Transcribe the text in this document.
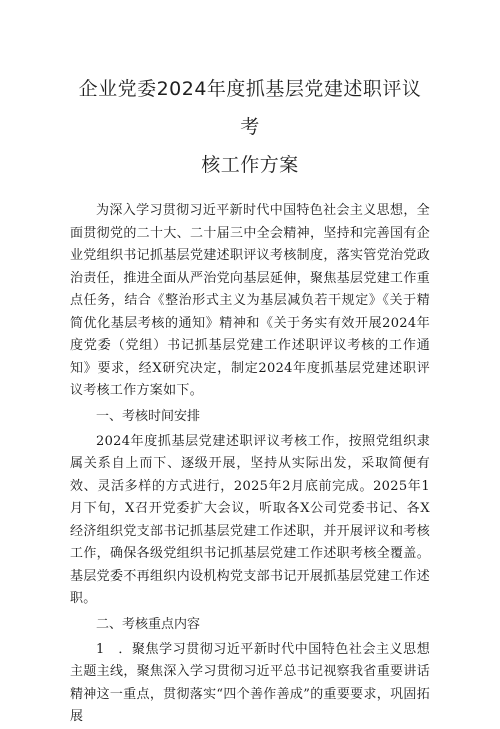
企业党委2024年度抓基层党建述职评议考
核工作方案

为深入学习贯彻习近平新时代中国特色社会主义思想，全面贯彻党的二十大、二十届三中全会精神，坚持和完善国有企业党组织书记抓基层党建述职评议考核制度，落实管党治党政治责任，推进全面从严治党向基层延伸，聚焦基层党建工作重点任务，结合《整治形式主义为基层减负若干规定》《关于精简优化基层考核的通知》精神和《关于务实有效开展2024年度党委（党组）书记抓基层党建工作述职评议考核的工作通知》要求，经X研究决定，制定2024年度抓基层党建述职评议考核工作方案如下。

一、考核时间安排

2024年度抓基层党建述职评议考核工作，按照党组织隶属关系自上而下、逐级开展，坚持从实际出发，采取简便有效、灵活多样的方式进行，2025年2月底前完成。2025年1月下旬，X召开党委扩大会议，听取各X公司党委书记、各X经济组织党支部书记抓基层党建工作述职，并开展评议和考核工作，确保各级党组织书记抓基层党建工作述职考核全覆盖。基层党委不再组织内设机构党支部书记开展抓基层党建工作述职。

二、考核重点内容

1　．聚焦学习贯彻习近平新时代中国特色社会主义思想主题主线，聚焦深入学习贯彻习近平总书记视察我省重要讲话精神这一重点，贯彻落实“四个善作善成”的重要要求，巩固拓展
